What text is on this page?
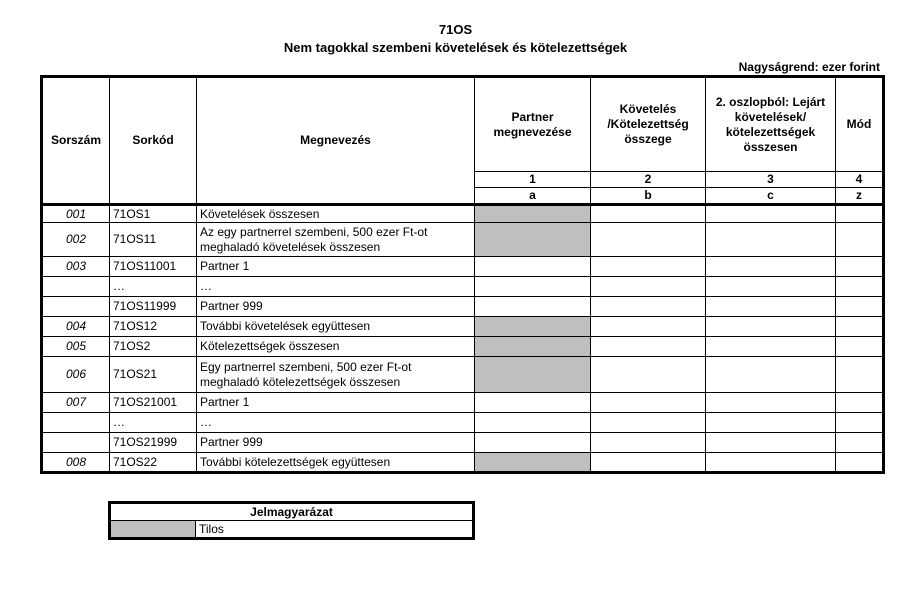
71OS
Nem tagokkal szembeni követelések és kötelezettségek
Nagyságrend: ezer forint
Sorszám	Sorkód	Megnevezés	Partner megnevezése	Követelés /Kötelezettség összege	2. oszlopból: Lejárt követelések/ kötelezettségek összesen	Mód
			1	2	3	4
			a	b	c	z
001	71OS1	Követelések összesen				
002	71OS11	Az egy partnerrel szembeni, 500 ezer Ft-ot meghaladó követelések összesen				
003	71OS11001	Partner 1				
	…	…				
	71OS11999	Partner 999				
004	71OS12	További követelések együttesen				
005	71OS2	Kötelezettségek összesen				
006	71OS21	Egy partnerrel szembeni, 500 ezer Ft-ot meghaladó kötelezettségek összesen				
007	71OS21001	Partner 1				
	…	…				
	71OS21999	Partner 999				
008	71OS22	További kötelezettségek együttesen				
Jelmagyarázat
	Tilos
